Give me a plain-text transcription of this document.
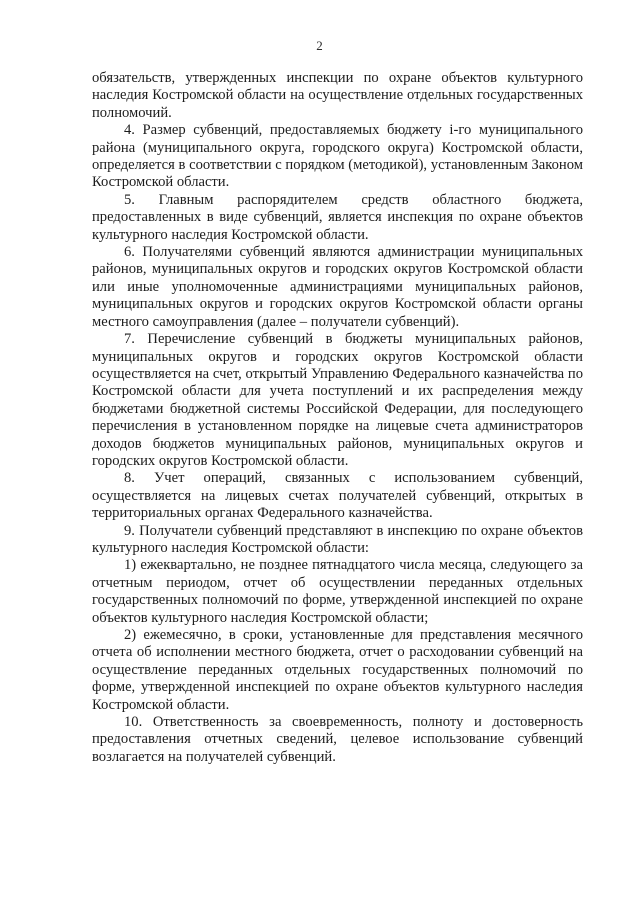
2

обязательств, утвержденных инспекции по охране объектов культурного наследия Костромской области на осуществление отдельных государственных полномочий.

4. Размер субвенций, предоставляемых бюджету i-го муниципального района (муниципального округа, городского округа) Костромской области, определяется в соответствии с порядком (методикой), установленным Законом Костромской области.

5. Главным распорядителем средств областного бюджета, предоставленных в виде субвенций, является инспекция по охране объектов культурного наследия Костромской области.

6. Получателями субвенций являются администрации муниципальных районов, муниципальных округов и городских округов Костромской области или иные уполномоченные администрациями муниципальных районов, муниципальных округов и городских округов Костромской области органы местного самоуправления (далее – получатели субвенций).

7. Перечисление субвенций в бюджеты муниципальных районов, муниципальных округов и городских округов Костромской области осуществляется на счет, открытый Управлению Федерального казначейства по Костромской области для учета поступлений и их распределения между бюджетами бюджетной системы Российской Федерации, для последующего перечисления в установленном порядке на лицевые счета администраторов доходов бюджетов муниципальных районов, муниципальных округов и городских округов Костромской области.

8. Учет операций, связанных с использованием субвенций, осуществляется на лицевых счетах получателей субвенций, открытых в территориальных органах Федерального казначейства.

9. Получатели субвенций представляют в инспекцию по охране объектов культурного наследия Костромской области:

1) ежеквартально, не позднее пятнадцатого числа месяца, следующего за отчетным периодом, отчет об осуществлении переданных отдельных государственных полномочий по форме, утвержденной инспекцией по охране объектов культурного наследия Костромской области;

2) ежемесячно, в сроки, установленные для представления месячного отчета об исполнении местного бюджета, отчет о расходовании субвенций на осуществление переданных отдельных государственных полномочий по форме, утвержденной инспекцией по охране объектов культурного наследия Костромской области.

10. Ответственность за своевременность, полноту и достоверность предоставления отчетных сведений, целевое использование субвенций возлагается на получателей субвенций.
